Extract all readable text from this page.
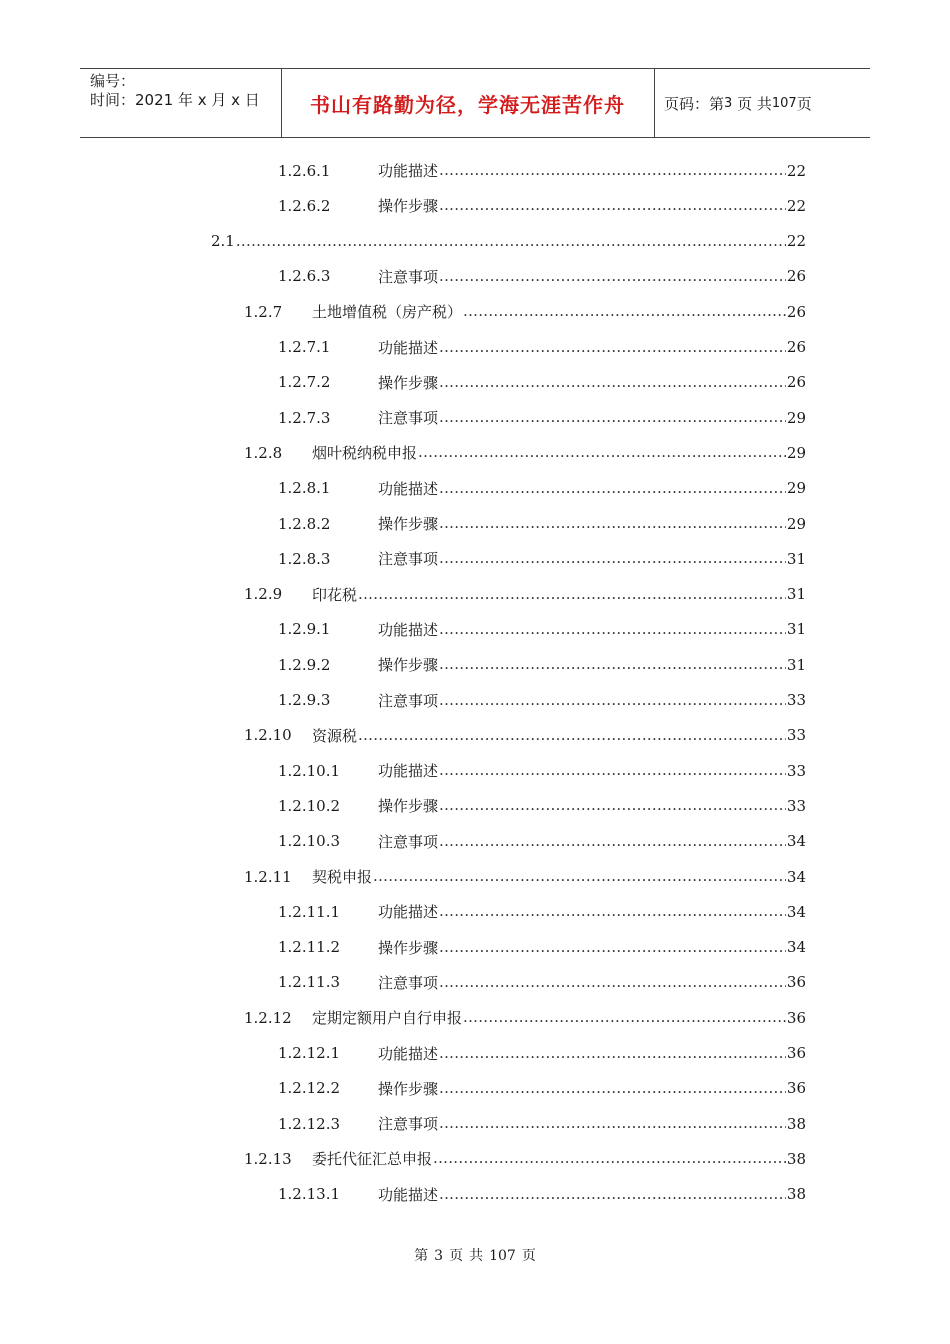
编号：
时间：2021 年 x 月 x 日	书山有路勤为径，学海无涯苦作舟	页码：第 3
页 共 107 页
1.2.6.1	功能描述 .....	22
1.2.6.2	操作步骤 .....	22
2.1 .....	22
1.2.6.3	注意事项 .....	26
1.2.7	土地增值税（房产税） .....	26
1.2.7.1	功能描述 .....	26
1.2.7.2	操作步骤 .....	26
1.2.7.3	注意事项 .....	29
1.2.8	烟叶税纳税申报 .....	29
1.2.8.1	功能描述 .....	29
1.2.8.2	操作步骤 .....	29
1.2.8.3	注意事项 .....	31
1.2.9	印花税 .....	31
1.2.9.1	功能描述 .....	31
1.2.9.2	操作步骤 .....	31
1.2.9.3	注意事项 .....	33
1.2.10	资源税 .....	33
1.2.10.1	功能描述 .....	33
1.2.10.2	操作步骤 .....	33
1.2.10.3	注意事项 .....	34
1.2.11	契税申报 .....	34
1.2.11.1	功能描述 .....	34
1.2.11.2	操作步骤 .....	34
1.2.11.3	注意事项 .....	36
1.2.12	定期定额用户自行申报 .....	36
1.2.12.1	功能描述 .....	36
1.2.12.2	操作步骤 .....	36
1.2.12.3	注意事项 .....	38
1.2.13	委托代征汇总申报 .....	38
1.2.13.1	功能描述 .....	38
第 3 页 共 107 页
